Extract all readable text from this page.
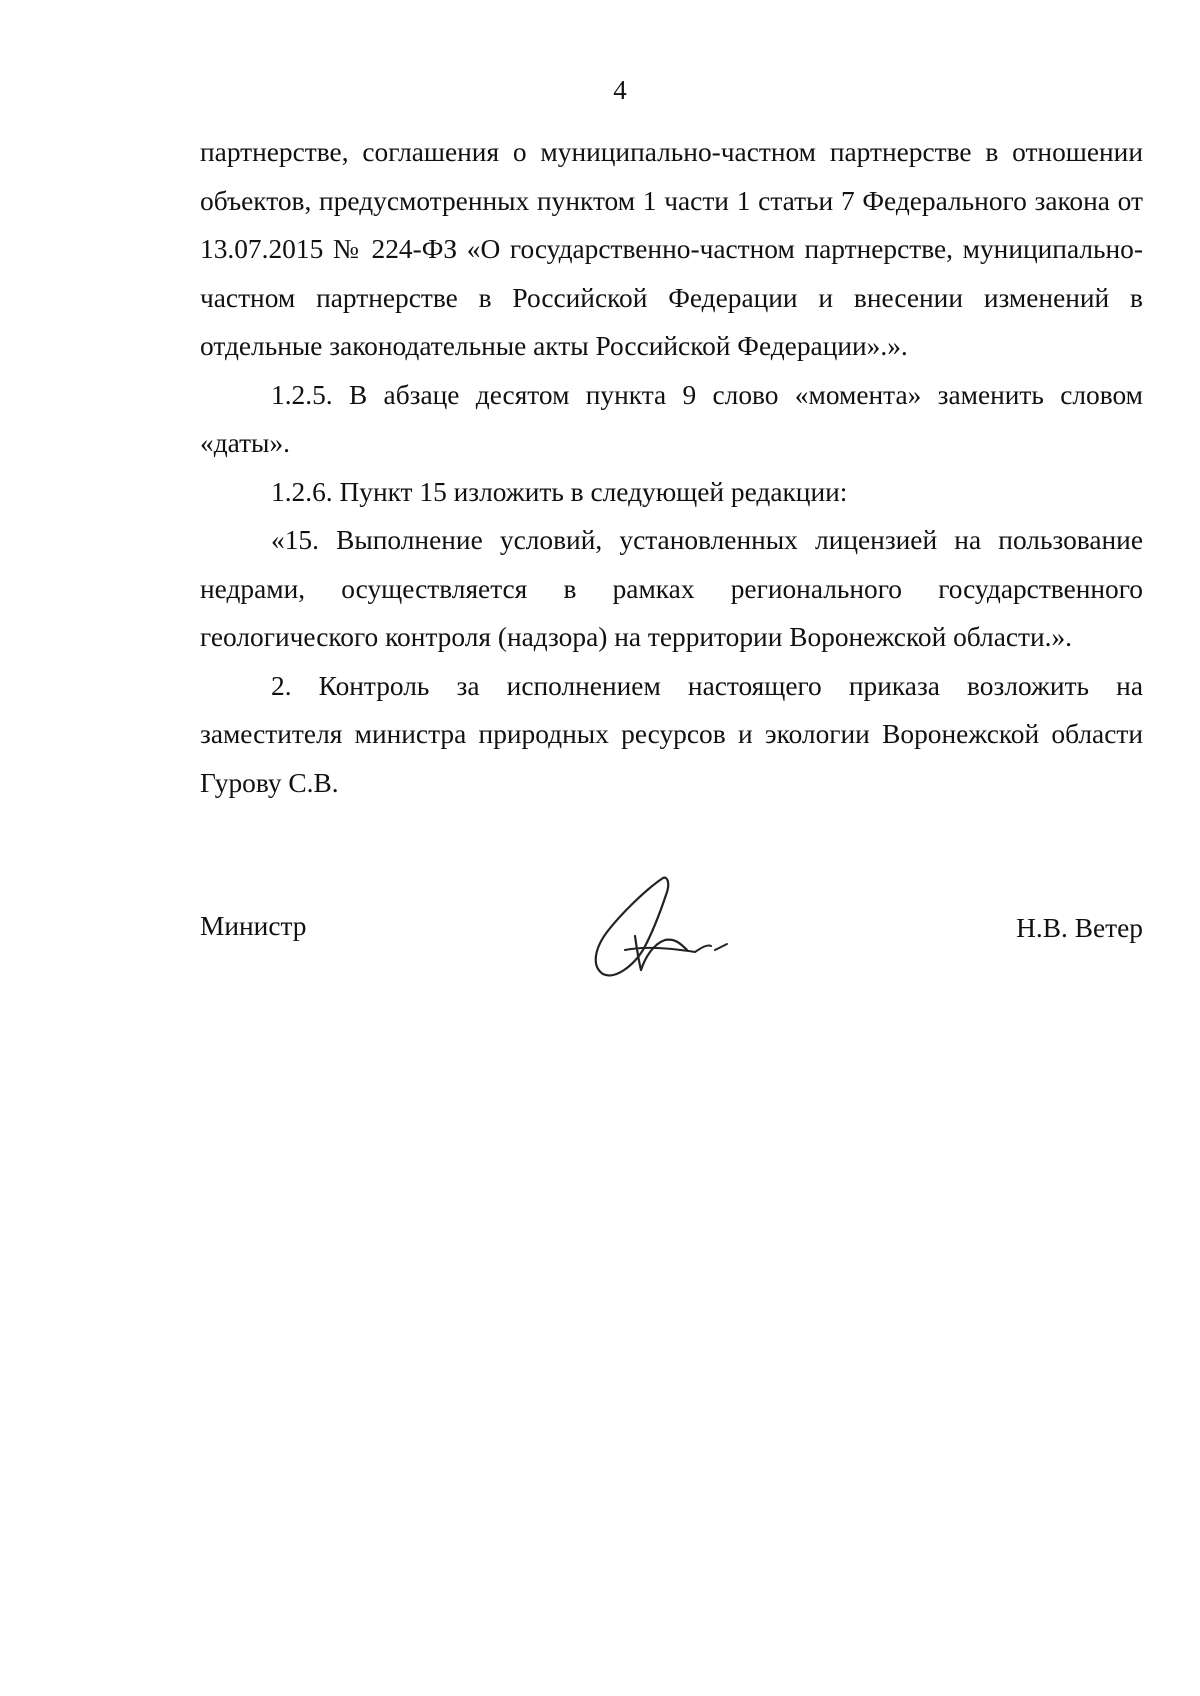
4

партнерстве, соглашения о муниципально-частном партнерстве в отношении объектов, предусмотренных пунктом 1 части 1 статьи 7 Федерального закона от 13.07.2015 № 224-ФЗ «О государственно-частном партнерстве, муниципально-частном партнерстве в Российской Федерации и внесении изменений в отдельные законодательные акты Российской Федерации».».

1.2.5. В абзаце десятом пункта 9 слово «момента» заменить словом «даты».

1.2.6. Пункт 15 изложить в следующей редакции:

«15. Выполнение условий, установленных лицензией на пользование недрами, осуществляется в рамках регионального государственного геологического контроля (надзора) на территории Воронежской области.».

2. Контроль за исполнением настоящего приказа возложить на заместителя министра природных ресурсов и экологии Воронежской области Гурову С.В.

Министр	Н.В. Ветер
